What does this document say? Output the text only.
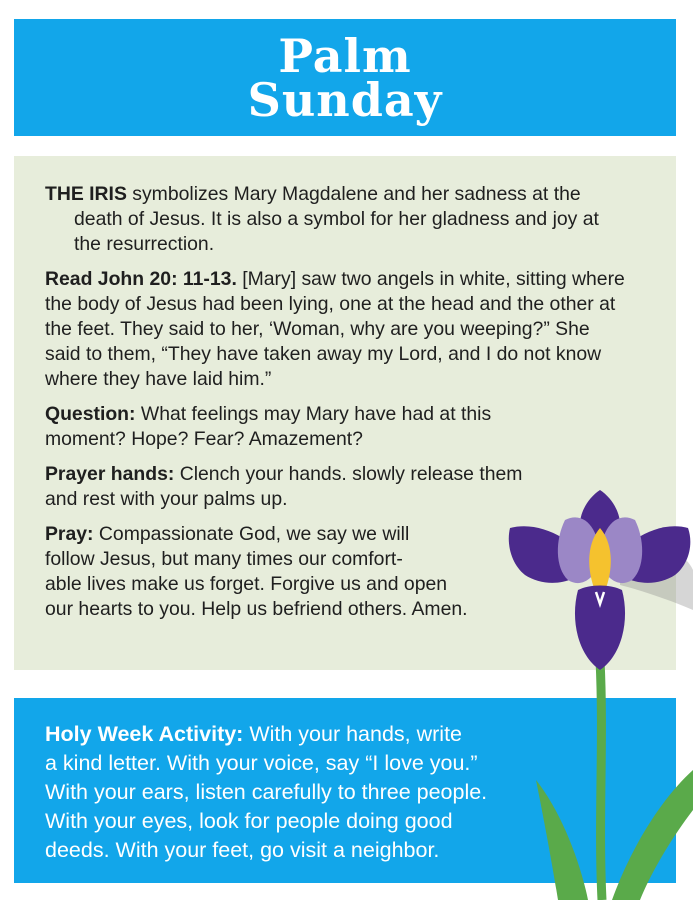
Palm
Sunday

THE IRIS symbolizes Mary Magdalene and her sadness at the death of Jesus. It is also a symbol for her gladness and joy at the resurrection.

Read John 20: 11-13. [Mary] saw two angels in white, sitting where the body of Jesus had been lying, one at the head and the other at the feet. They said to her, ‘Woman, why are you weeping?” She said to them, “They have taken away my Lord, and I do not know where they have laid him.”

Question: What feelings may Mary have had at this moment? Hope? Fear? Amazement?

Prayer hands: Clench your hands. slowly release them and rest with your palms up.

Pray: Compassionate God, we say we will
follow Jesus, but many times our comfort-
able lives make us forget. Forgive us and open
our hearts to you. Help us befriend others. Amen.

Holy Week Activity: With your hands, write
a kind letter. With your voice, say “I love you.”
With your ears, listen carefully to three people.
With your eyes, look for people doing good
deeds. With your feet, go visit a neighbor.
